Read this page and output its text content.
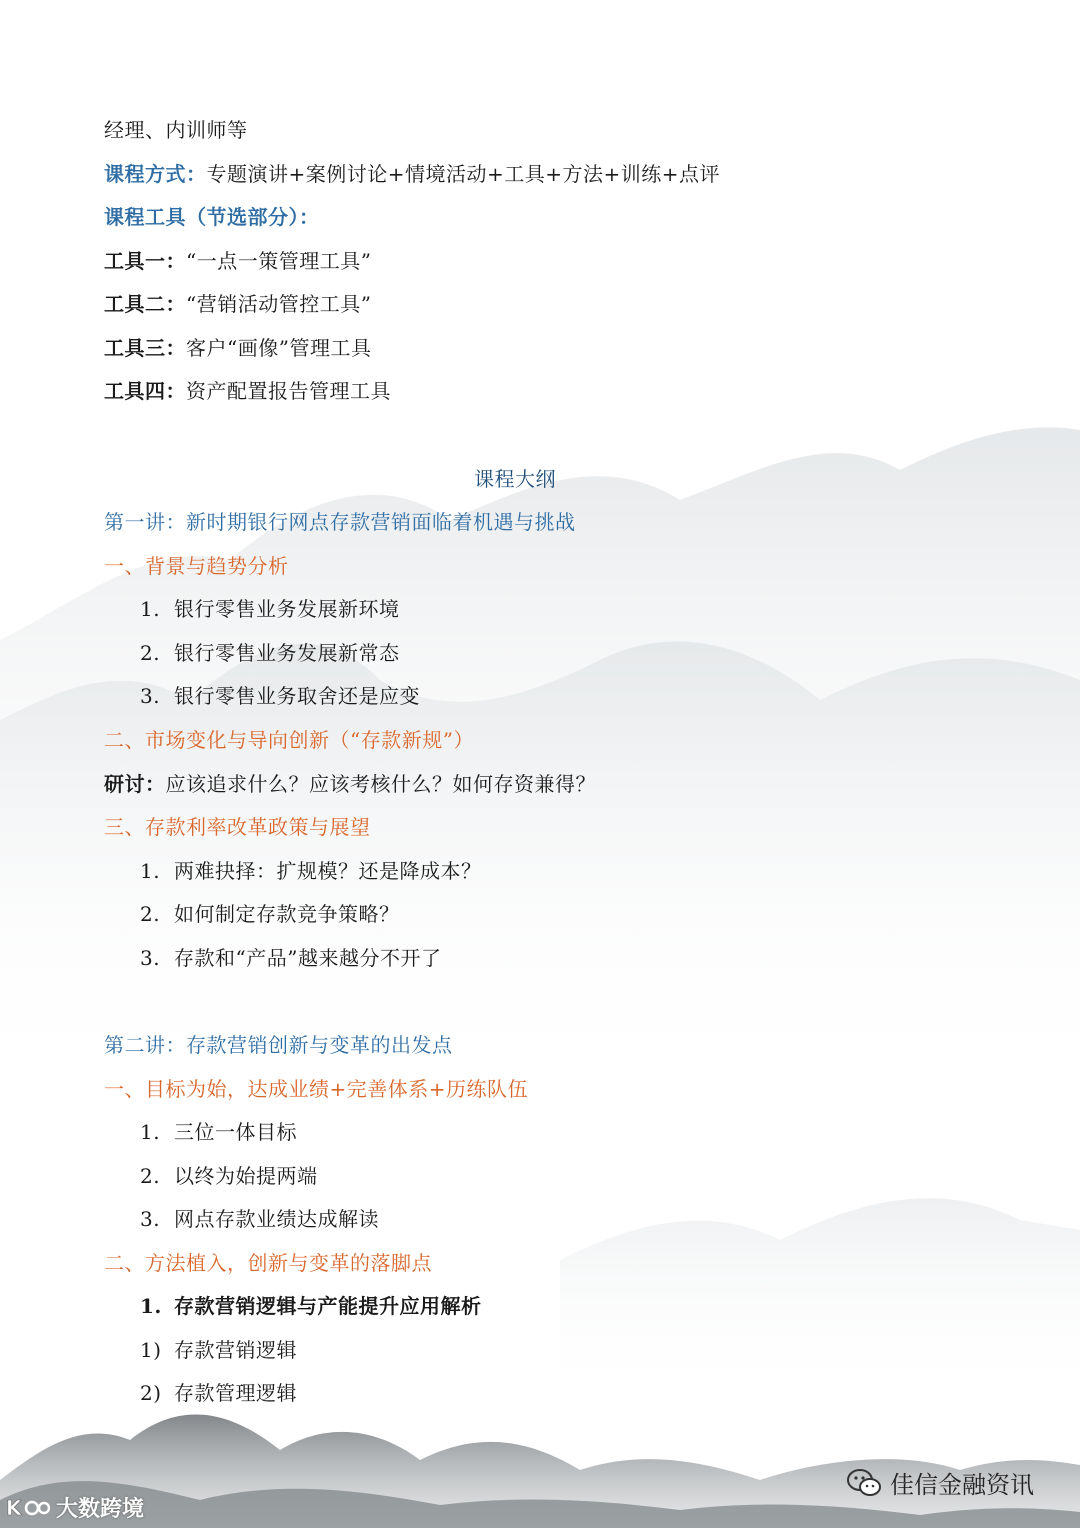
经理、内训师等
课程方式：专题演讲+案例讨论+情境活动+工具+方法+训练+点评
课程工具（节选部分）：
工具一：“一点一策管理工具”
工具二：“营销活动管控工具”
工具三：客户“画像”管理工具
工具四：资产配置报告管理工具
课程大纲
第一讲：新时期银行网点存款营销面临着机遇与挑战
一、背景与趋势分析
1. 银行零售业务发展新环境
2. 银行零售业务发展新常态
3. 银行零售业务取舍还是应变
二、市场变化与导向创新（“存款新规”）
研讨：应该追求什么？应该考核什么？如何存资兼得？
三、存款利率改革政策与展望
1. 两难抉择：扩规模？还是降成本？
2. 如何制定存款竞争策略？
3. 存款和“产品”越来越分不开了
第二讲：存款营销创新与变革的出发点
一、目标为始，达成业绩+完善体系+历练队伍
1. 三位一体目标
2. 以终为始提两端
3. 网点存款业绩达成解读
二、方法植入，创新与变革的落脚点
1. 存款营销逻辑与产能提升应用解析
1) 存款营销逻辑
2) 存款管理逻辑
K 大数跨境
佳信金融资讯
